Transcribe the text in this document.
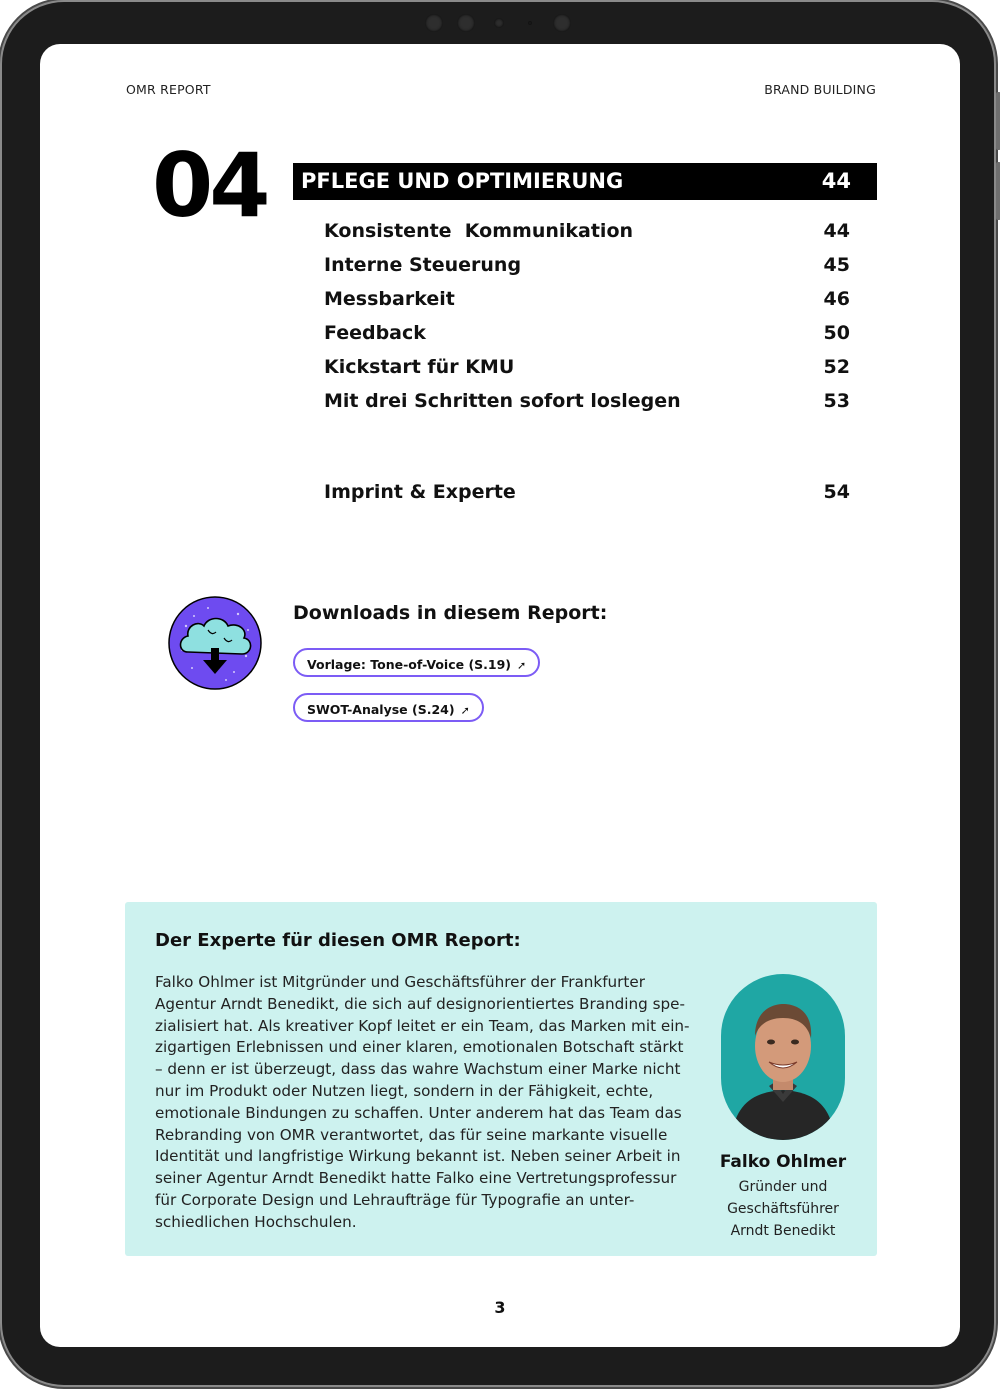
OMR REPORT	BRAND BUILDING
04 PFLEGE UND OPTIMIERUNG	44
Konsistente  Kommunikation	44
Interne Steuerung	45
Messbarkeit	46
Feedback	50
Kickstart für KMU	52
Mit drei Schritten sofort loslegen	53
Imprint & Experte	54
Downloads in diesem Report:
Vorlage: Tone-of-Voice (S.19) ➚
SWOT-Analyse (S.24) ➚
Der Experte für diesen OMR Report:
Falko Ohlmer ist Mitgründer und Geschäftsführer der Frankfurter
Agentur Arndt Benedikt, die sich auf designorientiertes Branding spe-
zialisiert hat. Als kreativer Kopf leitet er ein Team, das Marken mit ein-
zigartigen Erlebnissen und einer klaren, emotionalen Botschaft stärkt
– denn er ist überzeugt, dass das wahre Wachstum einer Marke nicht
nur im Produkt oder Nutzen liegt, sondern in der Fähigkeit, echte,
emotionale Bindungen zu schaffen. Unter anderem hat das Team das
Rebranding von OMR verantwortet, das für seine markante visuelle
Identität und langfristige Wirkung bekannt ist. Neben seiner Arbeit in
seiner Agentur Arndt Benedikt hatte Falko eine Vertretungsprofessur
für Corporate Design und Lehraufträge für Typografie an unter-
schiedlichen Hochschulen.
Falko Ohlmer
Gründer und
Geschäftsführer
Arndt Benedikt
3
